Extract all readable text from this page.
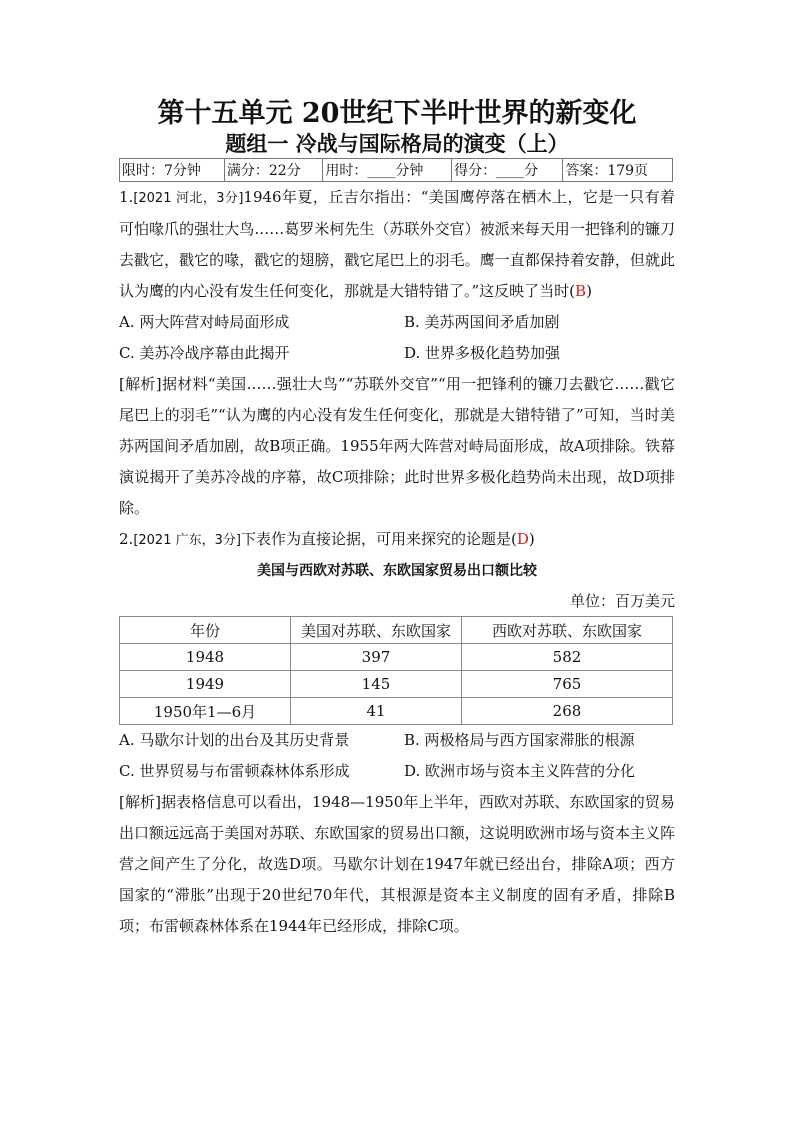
第十五单元 20世纪下半叶世界的新变化
题组一 冷战与国际格局的演变（上）
限时：7分钟	满分：22分	用时：____分钟	得分：____分	答案：179页

1.[2021 河北，3分]1946年夏，丘吉尔指出：“美国鹰停落在栖木上，它是一只有着可怕喙爪的强壮大鸟……葛罗米柯先生（苏联外交官）被派来每天用一把锋利的镰刀去戳它，戳它的喙，戳它的翅膀，戳它尾巴上的羽毛。鹰一直都保持着安静，但就此认为鹰的内心没有发生任何变化，那就是大错特错了。”这反映了当时(B)

A. 两大阵营对峙局面形成	B. 美苏两国间矛盾加剧
C. 美苏冷战序幕由此揭开	D. 世界多极化趋势加强

[解析]据材料“美国……强壮大鸟”“苏联外交官”“用一把锋利的镰刀去戳它……戳它尾巴上的羽毛”“认为鹰的内心没有发生任何变化，那就是大错特错了”可知，当时美苏两国间矛盾加剧，故B项正确。1955年两大阵营对峙局面形成，故A项排除。铁幕演说揭开了美苏冷战的序幕，故C项排除；此时世界多极化趋势尚未出现，故D项排除。

2.[2021 广东，3分]下表作为直接论据，可用来探究的论题是(D)

美国与西欧对苏联、东欧国家贸易出口额比较
单位：百万美元
年份	美国对苏联、东欧国家	西欧对苏联、东欧国家
1948	397	582
1949	145	765
1950年1—6月	41	268
A. 马歇尔计划的出台及其历史背景	B. 两极格局与西方国家滞胀的根源
C. 世界贸易与布雷顿森林体系形成	D. 欧洲市场与资本主义阵营的分化

[解析]据表格信息可以看出，1948—1950年上半年，西欧对苏联、东欧国家的贸易出口额远远高于美国对苏联、东欧国家的贸易出口额，这说明欧洲市场与资本主义阵营之间产生了分化，故选D项。马歇尔计划在1947年就已经出台，排除A项；西方国家的“滞胀”出现于20世纪70年代，其根源是资本主义制度的固有矛盾，排除B项；布雷顿森林体系在1944年已经形成，排除C项。
